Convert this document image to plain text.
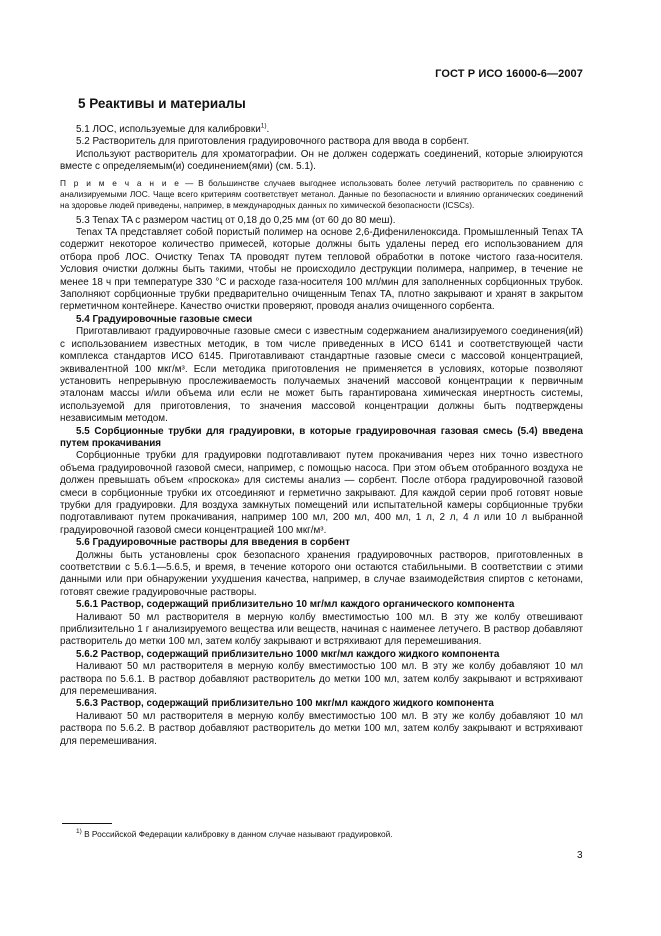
ГОСТ Р ИСО 16000-6—2007
5 Реактивы и материалы

5.1 ЛОС, используемые для калибровки$^{1)}$.

5.2 Растворитель для приготовления градуировочного раствора для ввода в сорбент.

Используют растворитель для хроматографии. Он не должен содержать соединений, которые элюируются вместе с определяемым(и) соединением(ями) (см. 5.1).

П р и м е ч а н и е — В большинстве случаев выгоднее использовать более летучий растворитель по сравнению с анализируемыми ЛОС. Чаще всего критериям соответствует метанол. Данные по безопасности и влиянию органических соединений на здоровье людей приведены, например, в международных данных по химической безопасности (ICSCs).

5.3 Tenax TA с размером частиц от 0,18 до 0,25 мм (от 60 до 80 меш).

Tenax TA представляет собой пористый полимер на основе 2,6-Дифениленоксида. Промышленный Tenax TA содержит некоторое количество примесей, которые должны быть удалены перед его использованием для отбора проб ЛОС. Очистку Tenax TA проводят путем тепловой обработки в потоке чистого газа-носителя. Условия очистки должны быть такими, чтобы не происходило деструкции полимера, например, в течение не менее 18 ч при температуре 330 °С и расходе газа-носителя 100 мл/мин для заполненных сорбционных трубок. Заполняют сорбционные трубки предварительно очищенным Tenax TA, плотно закрывают и хранят в закрытом герметичном контейнере. Качество очистки проверяют, проводя анализ очищенного сорбента.

5.4 Градуировочные газовые смеси

Приготавливают градуировочные газовые смеси с известным содержанием анализируемого соединения(ий) с использованием известных методик, в том числе приведенных в ИСО 6141 и соответствующей части комплекса стандартов ИСО 6145. Приготавливают стандартные газовые смеси с массовой концентрацией, эквивалентной 100 мкг/м³. Если методика приготовления не применяется в условиях, которые позволяют установить непрерывную прослеживаемость получаемых значений массовой концентрации к первичным эталонам массы и/или объема или если не может быть гарантирована химическая инертность системы, используемой для приготовления, то значения массовой концентрации должны быть подтверждены независимым методом.

5.5 Сорбционные трубки для градуировки, в которые градуировочная газовая смесь (5.4) введена путем прокачивания

Сорбционные трубки для градуировки подготавливают путем прокачивания через них точно известного объема градуировочной газовой смеси, например, с помощью насоса. При этом объем отобранного воздуха не должен превышать объем «проскока» для системы анализ — сорбент. После отбора градуировочной газовой смеси в сорбционные трубки их отсоединяют и герметично закрывают. Для каждой серии проб готовят новые трубки для градуировки. Для воздуха замкнутых помещений или испытательной камеры сорбционные трубки подготавливают путем прокачивания, например 100 мл, 200 мл, 400 мл, 1 л, 2 л, 4 л или 10 л выбранной градуировочной газовой смеси концентрацией 100 мкг/м³.

5.6 Градуировочные растворы для введения в сорбент

Должны быть установлены срок безопасного хранения градуировочных растворов, приготовленных в соответствии с 5.6.1—5.6.5, и время, в течение которого они остаются стабильными. В соответствии с этими данными или при обнаружении ухудшения качества, например, в случае взаимодействия спиртов с кетонами, готовят свежие градуировочные растворы.

5.6.1 Раствор, содержащий приблизительно 10 мг/мл каждого органического компонента

Наливают 50 мл растворителя в мерную колбу вместимостью 100 мл. В эту же колбу отвешивают приблизительно 1 г анализируемого вещества или веществ, начиная с наименее летучего. В раствор добавляют растворитель до метки 100 мл, затем колбу закрывают и встряхивают для перемешивания.

5.6.2 Раствор, содержащий приблизительно 1000 мкг/мл каждого жидкого компонента

Наливают 50 мл растворителя в мерную колбу вместимостью 100 мл. В эту же колбу добавляют 10 мл раствора по 5.6.1. В раствор добавляют растворитель до метки 100 мл, затем колбу закрывают и встряхивают для перемешивания.

5.6.3 Раствор, содержащий приблизительно 100 мкг/мл каждого жидкого компонента

Наливают 50 мл растворителя в мерную колбу вместимостью 100 мл. В эту же колбу добавляют 10 мл раствора по 5.6.2. В раствор добавляют растворитель до метки 100 мл, затем колбу закрывают и встряхивают для перемешивания.

$^{1)}$ В Российской Федерации калибровку в данном случае называют градуировкой.
3
